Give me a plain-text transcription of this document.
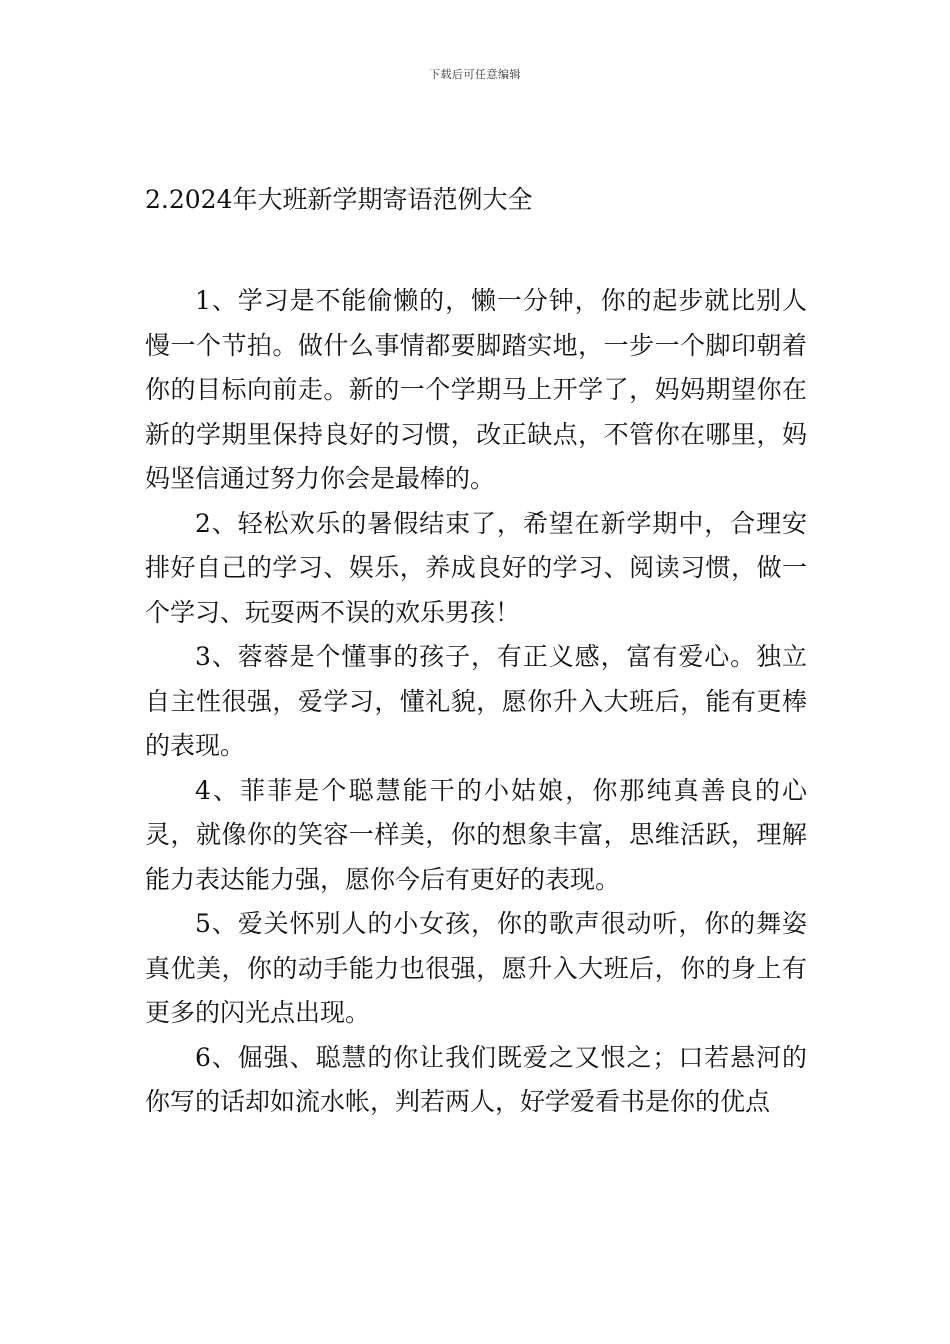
下载后可任意编辑
2.2024年大班新学期寄语范例大全

1、学习是不能偷懒的，懒一分钟，你的起步就比别人慢一个节拍。做什么事情都要脚踏实地，一步一个脚印朝着你的目标向前走。新的一个学期马上开学了，妈妈期望你在新的学期里保持良好的习惯，改正缺点，不管你在哪里，妈妈坚信通过努力你会是最棒的。

2、轻松欢乐的暑假结束了，希望在新学期中，合理安排好自己的学习、娱乐，养成良好的学习、阅读习惯，做一个学习、玩耍两不误的欢乐男孩！

3、蓉蓉是个懂事的孩子，有正义感，富有爱心。独立自主性很强，爱学习，懂礼貌，愿你升入大班后，能有更棒的表现。

4、菲菲是个聪慧能干的小姑娘，你那纯真善良的心灵，就像你的笑容一样美，你的想象丰富，思维活跃，理解能力表达能力强，愿你今后有更好的表现。

5、爱关怀别人的小女孩，你的歌声很动听，你的舞姿真优美，你的动手能力也很强，愿升入大班后，你的身上有更多的闪光点出现。

6、倔强、聪慧的你让我们既爱之又恨之；口若悬河的你写的话却如流水帐，判若两人，好学爱看书是你的优点
